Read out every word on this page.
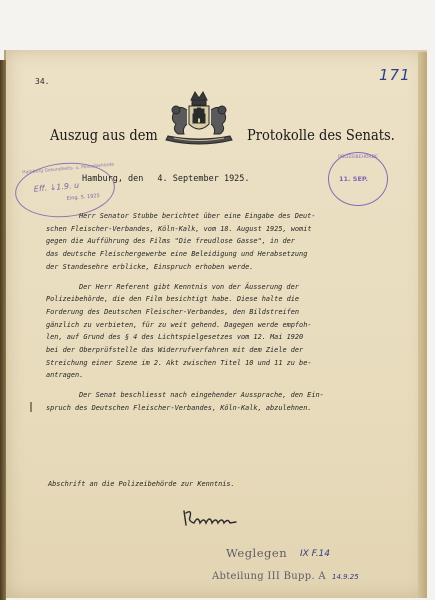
34.	171
Auszug aus dem	Protokolle des Senats.
Hamburg Gesundheits- u. Polizeibehörde
Eff. ↓1.9. u
Eing. 5. 1925
POLIZEIBEHÖRDE
11. SEP.
Hamburg, den 4. September 1925.

Herr Senator Stubbe berichtet über eine Eingabe des Deut-

schen Fleischer-Verbandes, Köln-Kalk, vom 18. August 1925, womit

gegen die Aufführung des Films "Die freudlose Gasse", in der

das deutsche Fleischergewerbe eine Beleidigung und Herabsetzung

der Standesehre erblicke, Einspruch erhoben werde.

Der Herr Referent gibt Kenntnis von der Äusserung der

Polizeibehörde, die den Film besichtigt habe. Diese halte die

Forderung des Deutschen Fleischer-Verbandes, den Bildstreifen

gänzlich zu verbieten, für zu weit gehend. Dagegen werde empfoh-

len, auf Grund des § 4 des Lichtspielgesetzes vom 12. Mai 1920

bei der Oberprüfstelle das Widerrufverfahren mit dem Ziele der

Streichung einer Szene im 2. Akt zwischen Titel 10 und 11 zu be-

antragen.

Der Senat beschliesst nach eingehender Aussprache, den Ein-

spruch des Deutschen Fleischer-Verbandes, Köln-Kalk, abzulehnen.

Abschrift an die Polizeibehörde zur Kenntnis.
Weglegen IX F.14
Abteilung III Bupp. A 14.9.25
